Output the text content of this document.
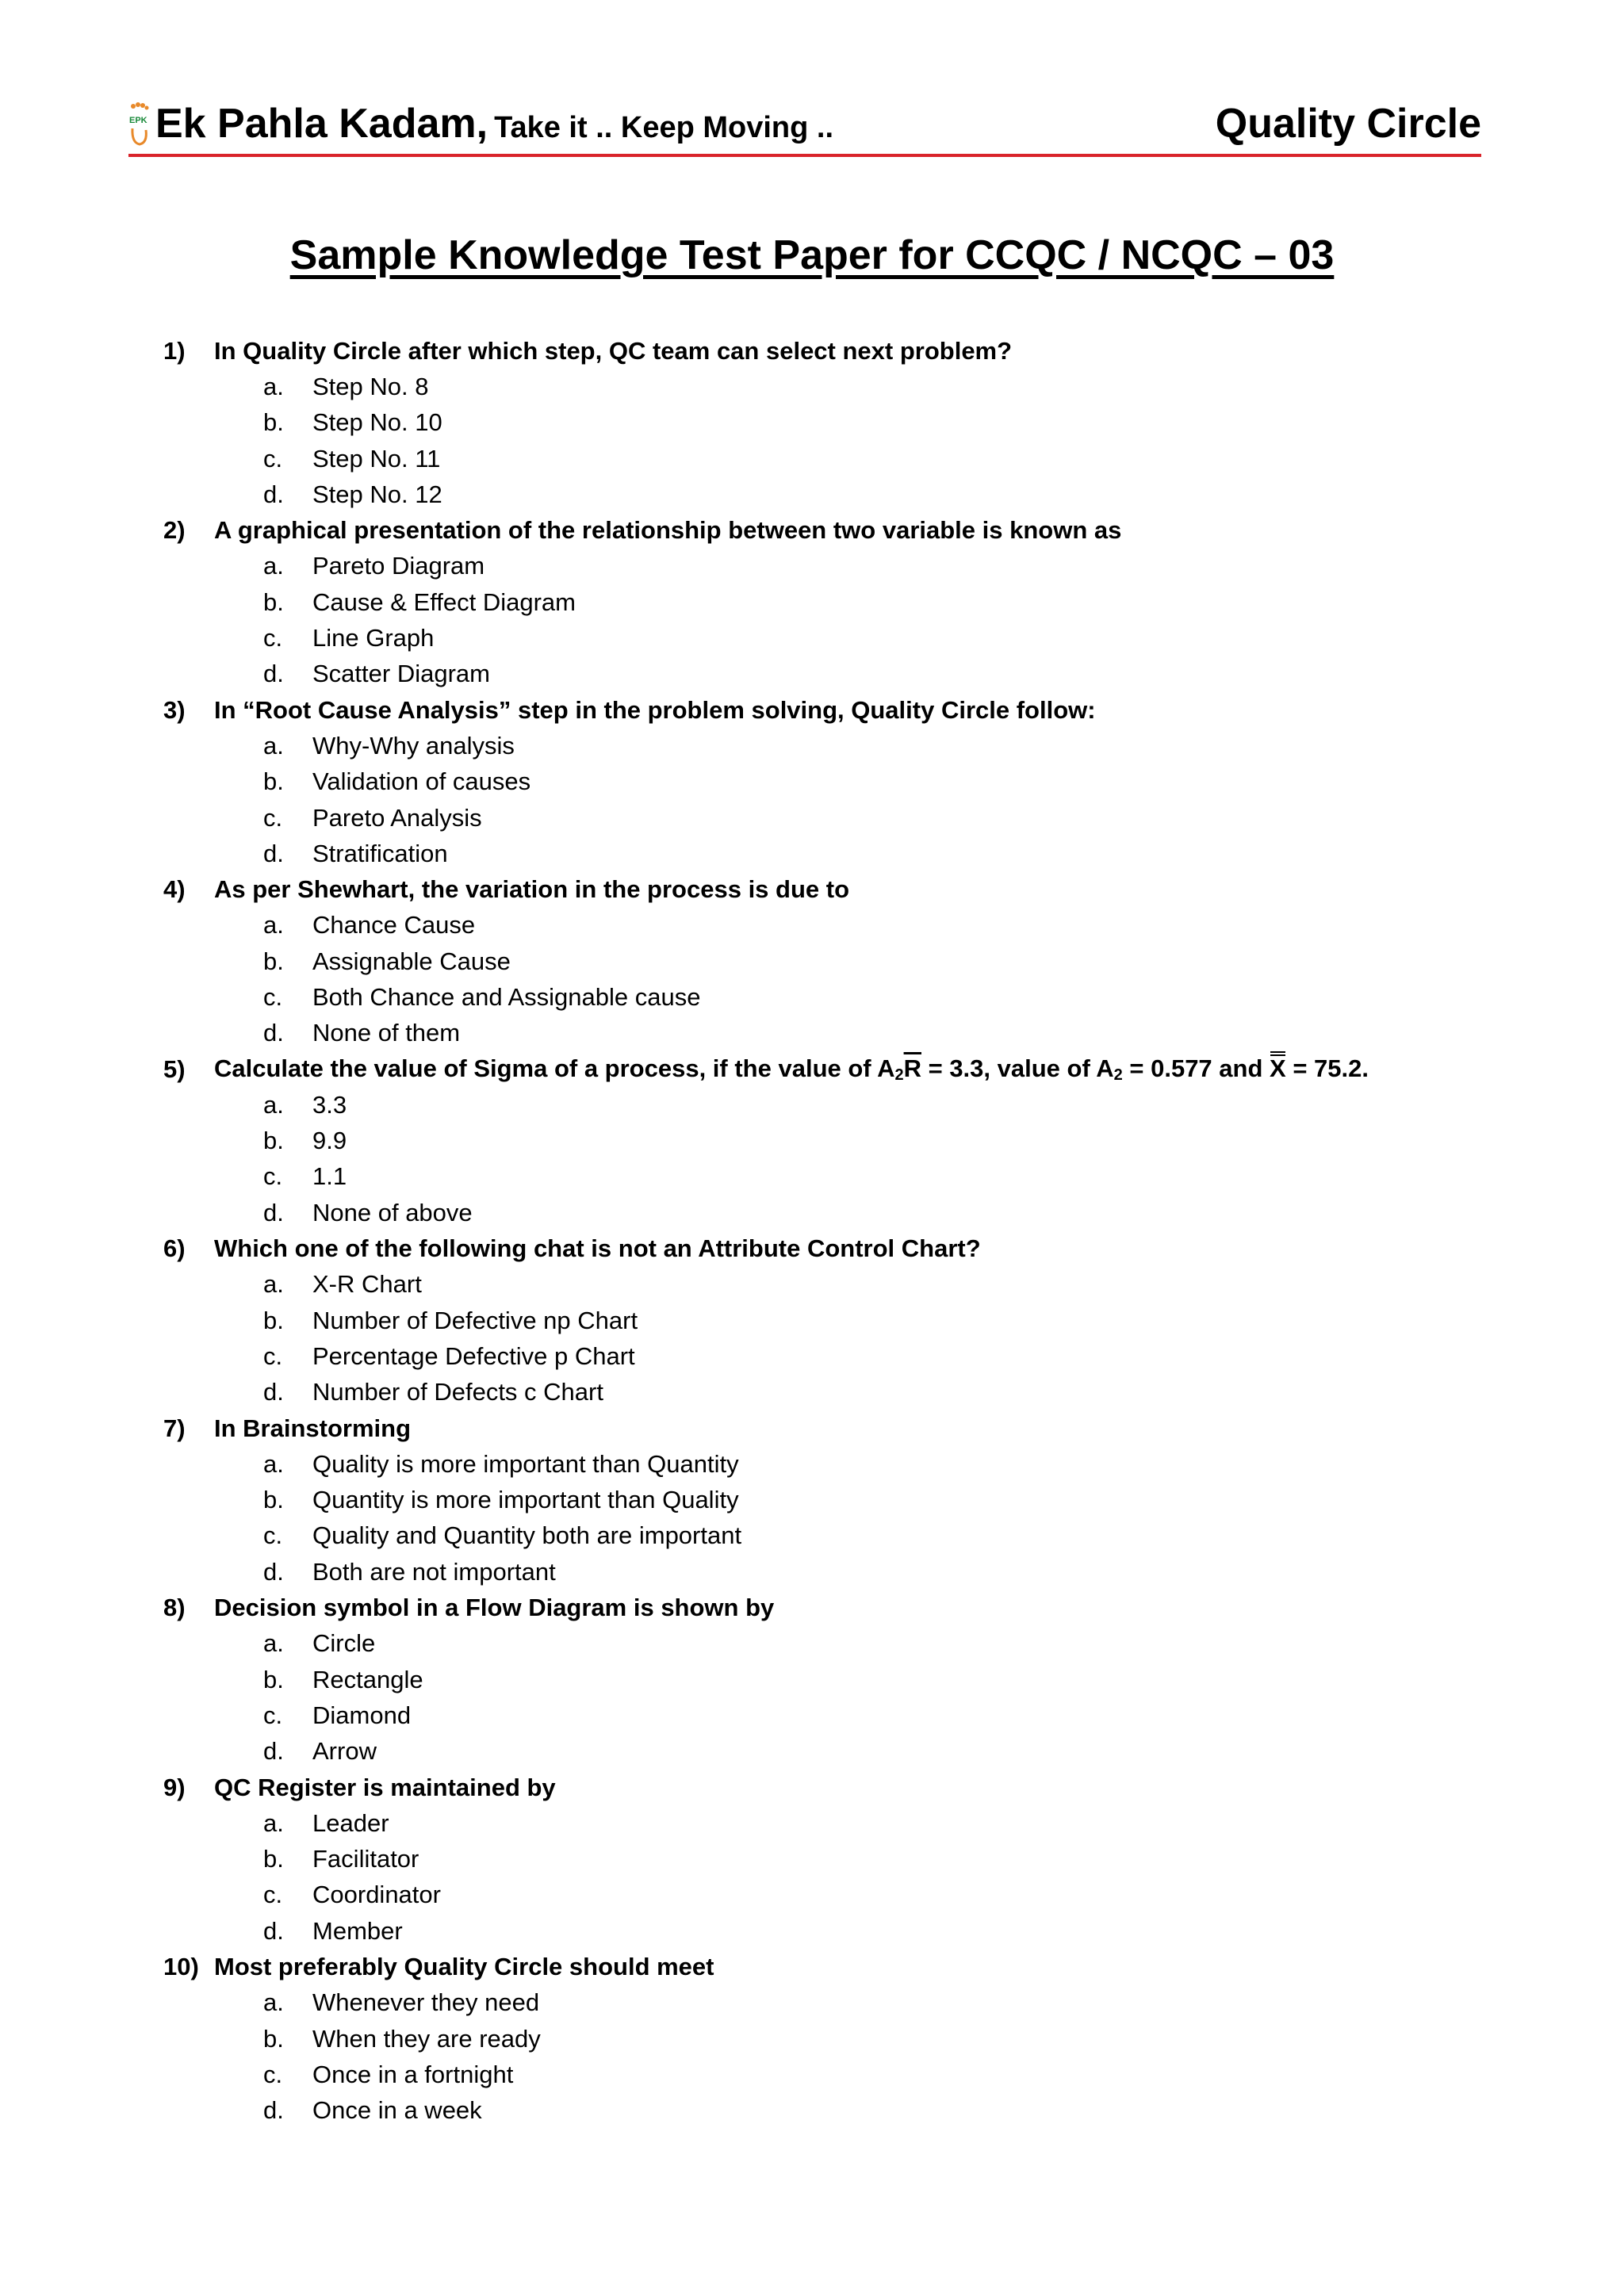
EPK Ek Pahla Kadam, Take it .. Keep Moving ..	Quality Circle
Sample Knowledge Test Paper for CCQC / NCQC – 03
1)	In Quality Circle after which step, QC team can select next problem?
a.	Step No. 8
b.	Step No. 10
c.	Step No. 11
d.	Step No. 12
2)	A graphical presentation of the relationship between two variable is known as
a.	Pareto Diagram
b.	Cause & Effect Diagram
c.	Line Graph
d.	Scatter Diagram
3)	In “Root Cause Analysis” step in the problem solving, Quality Circle follow:
a.	Why-Why analysis
b.	Validation of causes
c.	Pareto Analysis
d.	Stratification
4)	As per Shewhart, the variation in the process is due to
a.	Chance Cause
b.	Assignable Cause
c.	Both Chance and Assignable cause
d.	None of them
5)	Calculate the value of Sigma of a process, if the value of $A_2\overline{R} = 3.3$, value of $A_2 = 0.577$ and X = 75.2.
a.	3.3
b.	9.9
c.	1.1
d.	None of above
6)	Which one of the following chat is not an Attribute Control Chart?
a.	X-R Chart
b.	Number of Defective np Chart
c.	Percentage Defective p Chart
d.	Number of Defects c Chart
7)	In Brainstorming
a.	Quality is more important than Quantity
b.	Quantity is more important than Quality
c.	Quality and Quantity both are important
d.	Both are not important
8)	Decision symbol in a Flow Diagram is shown by
a.	Circle
b.	Rectangle
c.	Diamond
d.	Arrow
9)	QC Register is maintained by
a.	Leader
b.	Facilitator
c.	Coordinator
d.	Member
10) Most preferably Quality Circle should meet
a.	Whenever they need
b.	When they are ready
c.	Once in a fortnight
d.	Once in a week
